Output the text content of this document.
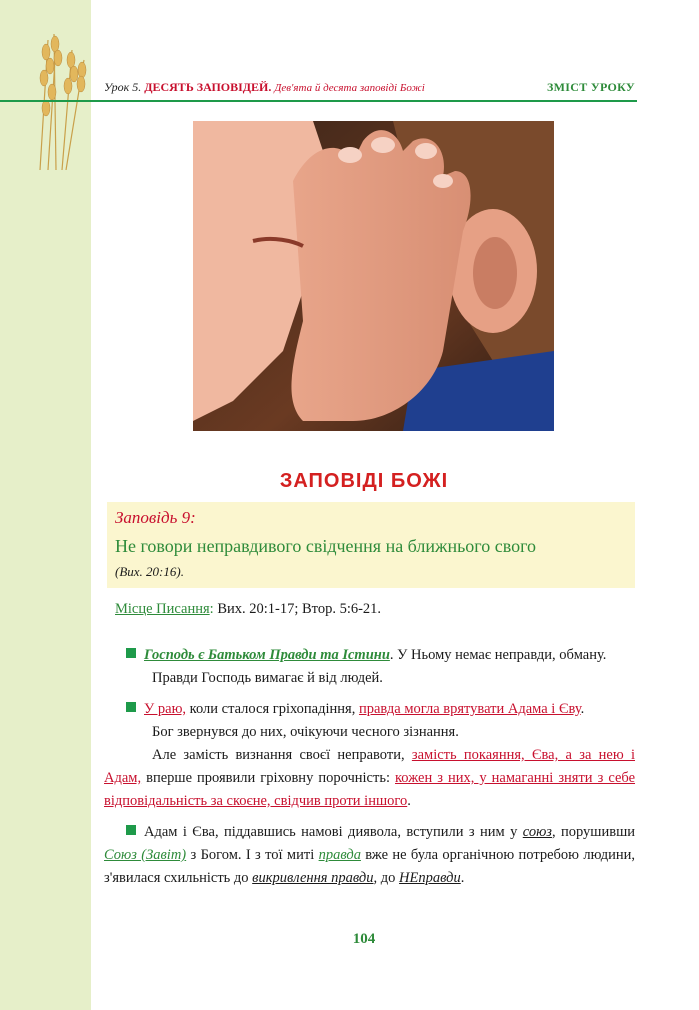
Урок 5. ДЕСЯТЬ ЗАПОВІДЕЙ. Дев'ята й десята заповіді Божі	ЗМІСТ УРОКУ
ЗАПОВІДІ БОЖІ
Заповідь 9:
Не говори неправдивого свідчення на ближнього свого
(Вих. 20:16).
Місце Писання: Вих. 20:1-17; Втор. 5:6-21.

Господь є Батьком Правди та Істини. У Ньому немає неправди, обману.

Правди Господь вимагає й від людей.

У раю, коли сталося гріхопадіння, правда могла врятувати Адама і Єву.

Бог звернувся до них, очікуючи чесного зізнання.

Але замість визнання своєї неправоти, замість покаяння, Єва, а за нею і Адам, вперше проявили гріховну порочність: кожен з них, у намаганні зняти з себе відповідальність за скоєне, свідчив проти іншого.

Адам і Єва, піддавшись намові диявола, вступили з ним у союз, порушивши Союз (Завіт) з Богом. І з тої миті правда вже не була органічною потребою людини, з'явилася схильність до викривлення правди, до НЕправди.

104
